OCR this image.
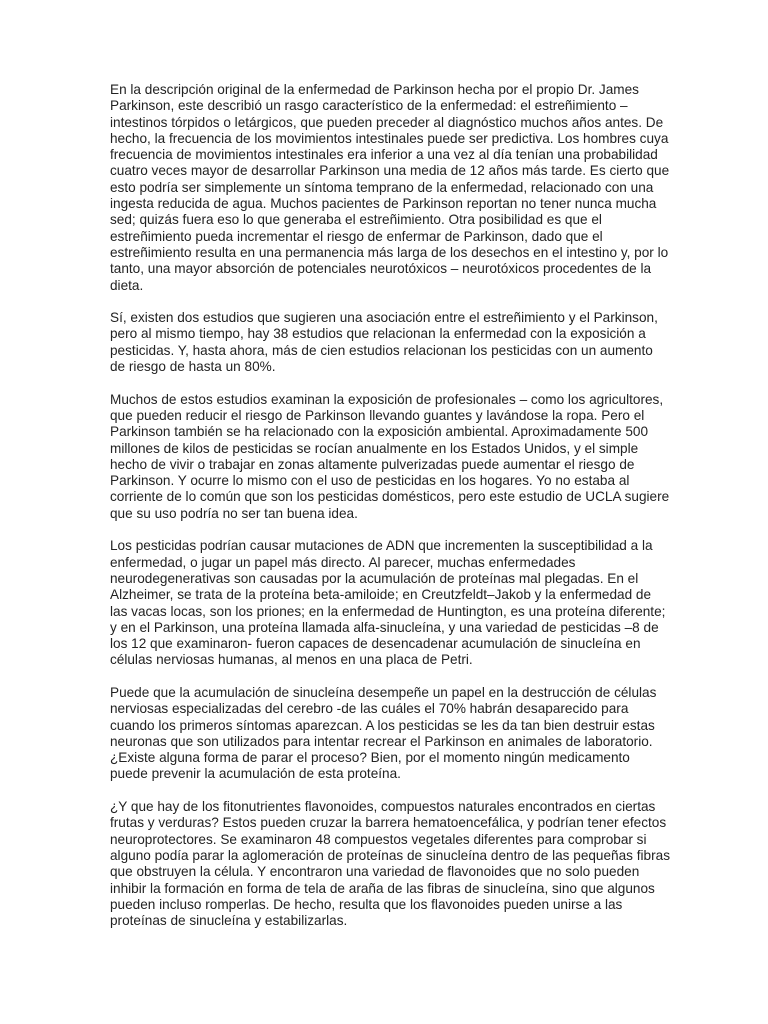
En la descripción original de la enfermedad de Parkinson hecha por el propio Dr. James Parkinson, este describió un rasgo característico de la enfermedad: el estreñimiento – intestinos tórpidos o letárgicos, que pueden preceder al diagnóstico muchos años antes. De hecho, la frecuencia de los movimientos intestinales puede ser predictiva. Los hombres cuya frecuencia de movimientos intestinales era inferior a una vez al día tenían una probabilidad cuatro veces mayor de desarrollar Parkinson una media de 12 años más tarde. Es cierto que esto podría ser simplemente un síntoma temprano de la enfermedad, relacionado con una ingesta reducida de agua. Muchos pacientes de Parkinson reportan no tener nunca mucha sed; quizás fuera eso lo que generaba el estreñimiento. Otra posibilidad es que el estreñimiento pueda incrementar el riesgo de enfermar de Parkinson, dado que el estreñimiento resulta en una permanencia más larga de los desechos en el intestino y, por lo tanto, una mayor absorción de potenciales neurotóxicos – neurotóxicos procedentes de la dieta.

Sí, existen dos estudios que sugieren una asociación entre el estreñimiento y el Parkinson, pero al mismo tiempo, hay 38 estudios que relacionan la enfermedad con la exposición a pesticidas. Y, hasta ahora, más de cien estudios relacionan los pesticidas con un aumento de riesgo de hasta un 80%.

Muchos de estos estudios examinan la exposición de profesionales – como los agricultores, que pueden reducir el riesgo de Parkinson llevando guantes y lavándose la ropa. Pero el Parkinson también se ha relacionado con la exposición ambiental. Aproximadamente 500 millones de kilos de pesticidas se rocían anualmente en los Estados Unidos, y el simple hecho de vivir o trabajar en zonas altamente pulverizadas puede aumentar el riesgo de Parkinson. Y ocurre lo mismo con el uso de pesticidas en los hogares. Yo no estaba al corriente de lo común que son los pesticidas domésticos, pero este estudio de UCLA sugiere que su uso podría no ser tan buena idea.

Los pesticidas podrían causar mutaciones de ADN que incrementen la susceptibilidad a la enfermedad, o jugar un papel más directo. Al parecer, muchas enfermedades neurodegenerativas son causadas por la acumulación de proteínas mal plegadas. En el Alzheimer, se trata de la proteína beta-amiloide; en Creutzfeldt–Jakob y la enfermedad de las vacas locas, son los priones; en la enfermedad de Huntington, es una proteína diferente; y en el Parkinson, una proteína llamada alfa-sinucleína, y una variedad de pesticidas –8 de los 12 que examinaron- fueron capaces de desencadenar acumulación de sinucleína en células nerviosas humanas, al menos en una placa de Petri.

Puede que la acumulación de sinucleína desempeñe un papel en la destrucción de células nerviosas especializadas del cerebro -de las cuáles el 70% habrán desaparecido para cuando los primeros síntomas aparezcan. A los pesticidas se les da tan bien destruir estas neuronas que son utilizados para intentar recrear el Parkinson en animales de laboratorio. ¿Existe alguna forma de parar el proceso? Bien, por el momento ningún medicamento puede prevenir la acumulación de esta proteína.

¿Y que hay de los fitonutrientes flavonoides, compuestos naturales encontrados en ciertas frutas y verduras? Estos pueden cruzar la barrera hematoencefálica, y podrían tener efectos neuroprotectores. Se examinaron 48 compuestos vegetales diferentes para comprobar si alguno podía parar la aglomeración de proteínas de sinucleína dentro de las pequeñas fibras que obstruyen la célula. Y encontraron una variedad de flavonoides que no solo pueden inhibir la formación en forma de tela de araña de las fibras de sinucleína, sino que algunos pueden incluso romperlas. De hecho, resulta que los flavonoides pueden unirse a las proteínas de sinucleína y estabilizarlas.
